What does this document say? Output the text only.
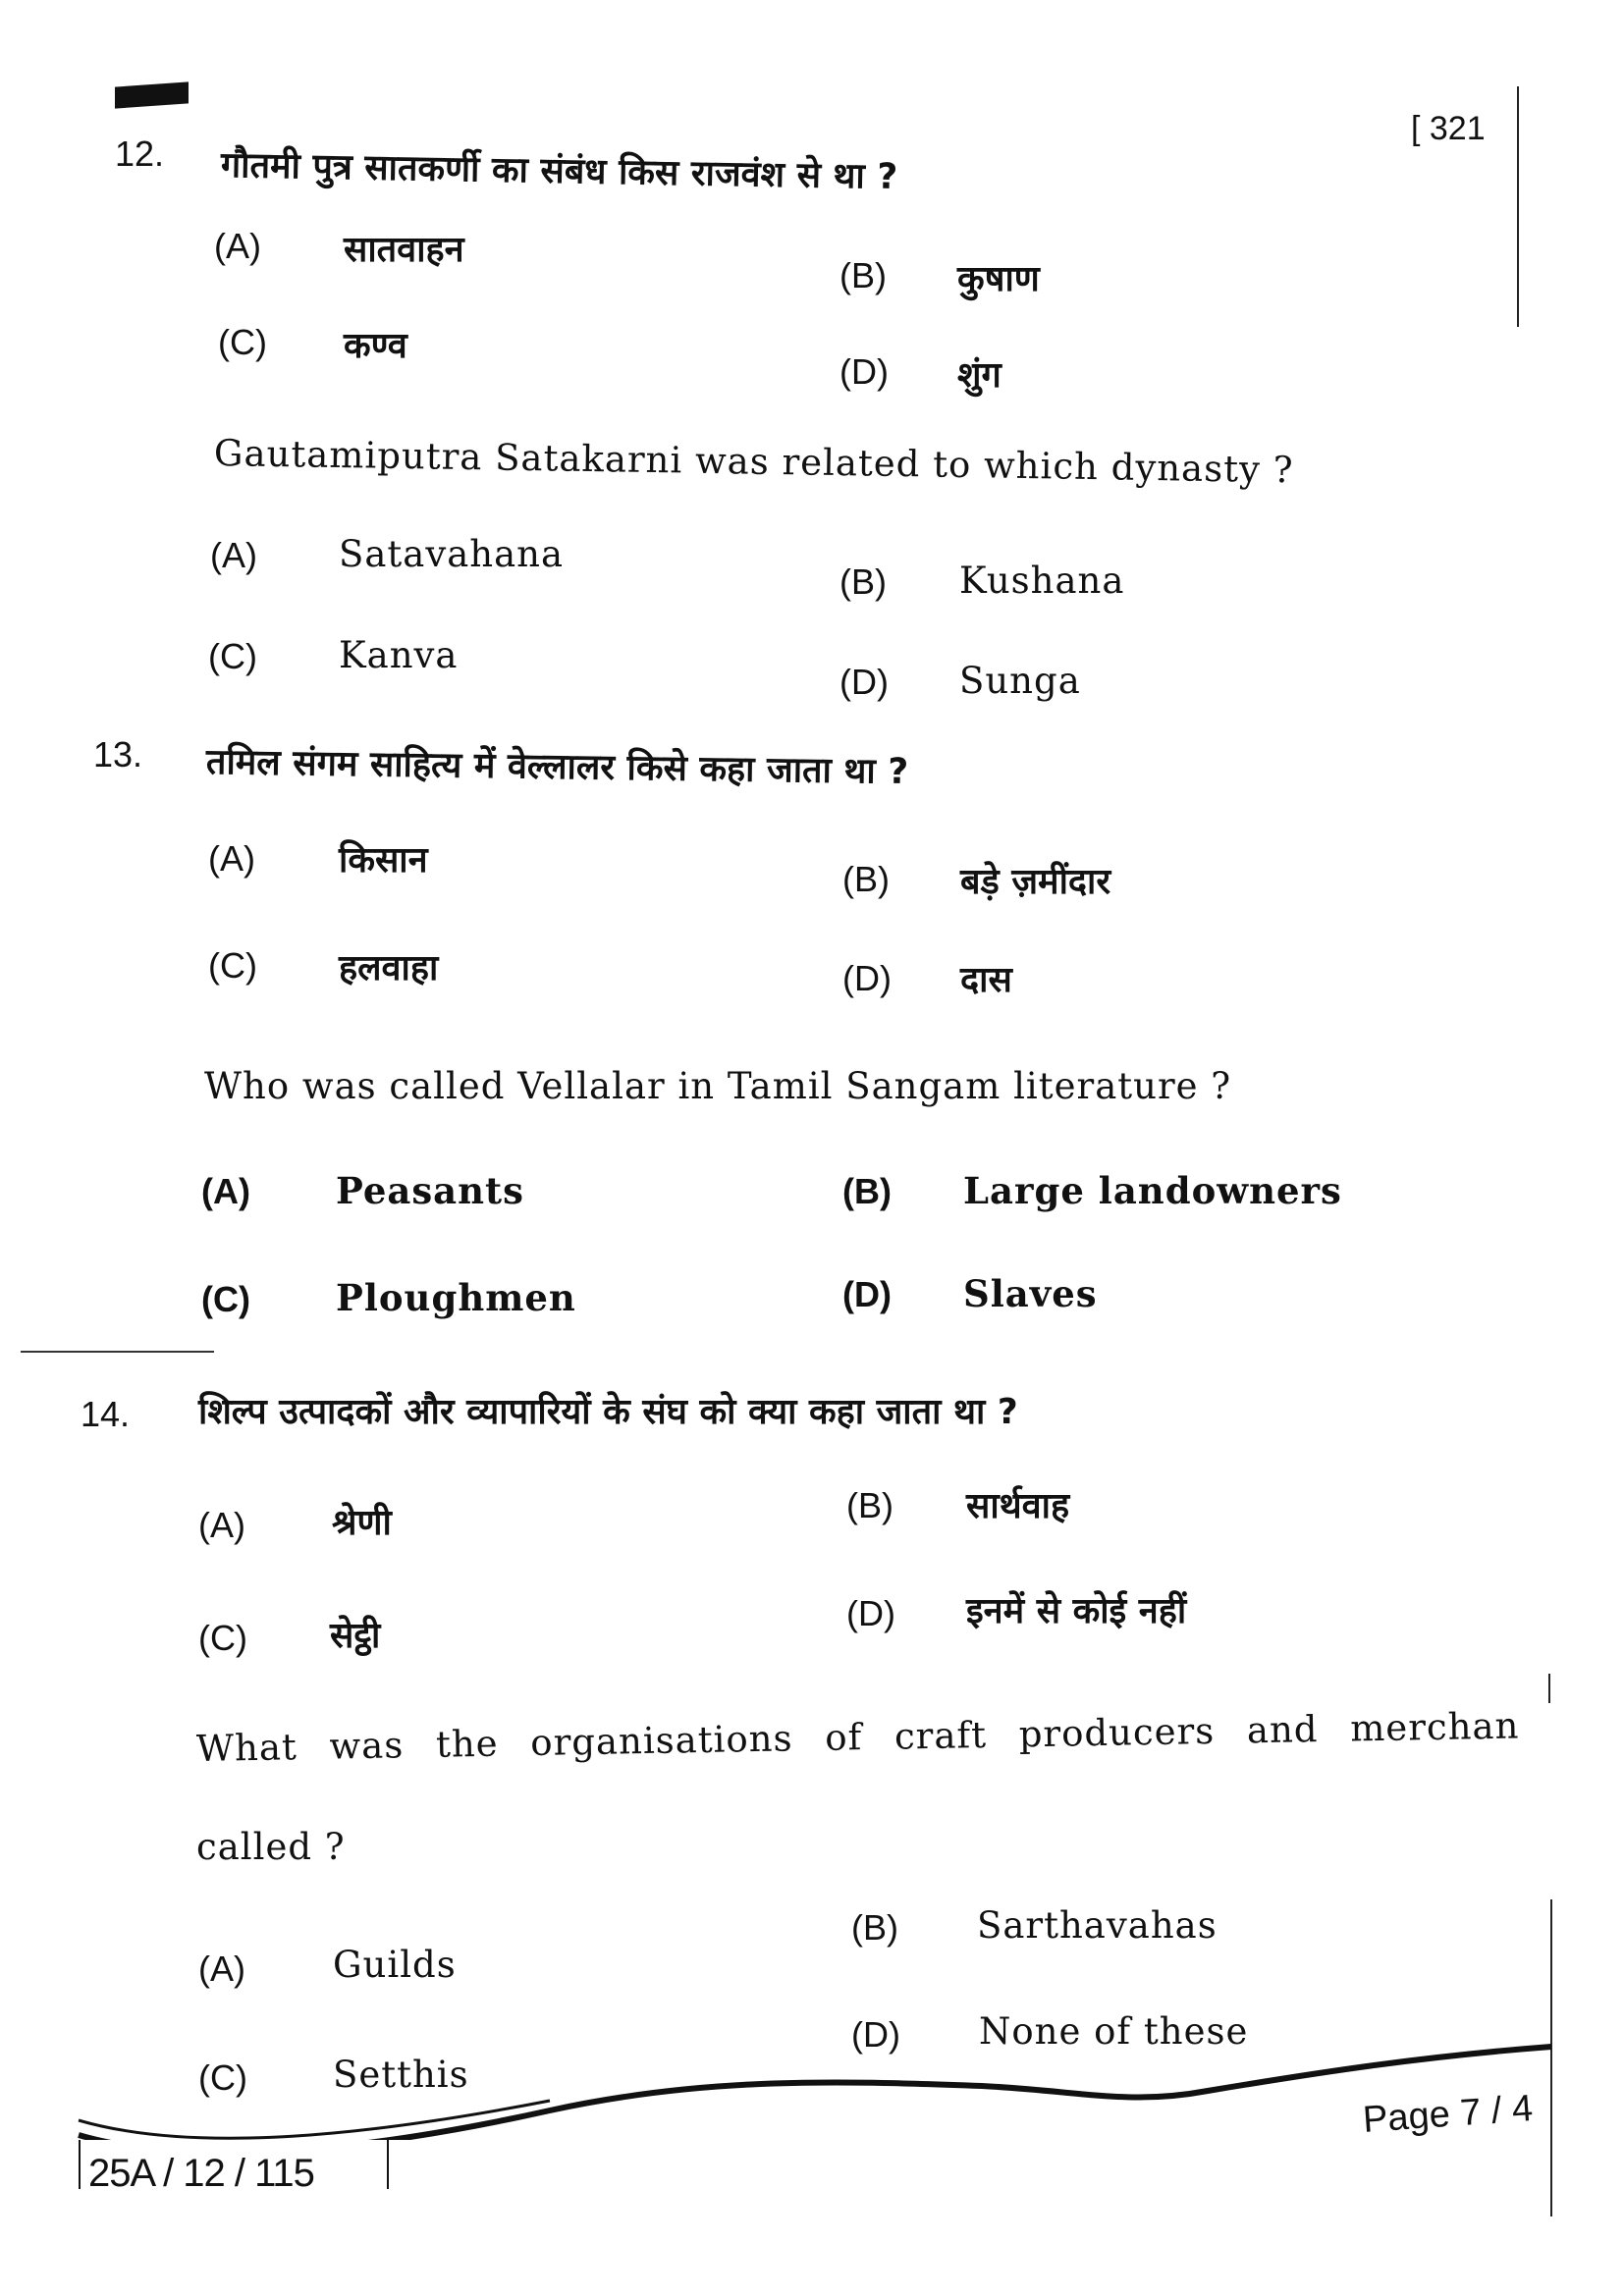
[ 321
12. गौतमी पुत्र सातकर्णी का संबंध किस राजवंश से था ?
(A) सातवाहन
(B) कुषाण
(C) कण्व
(D) शुंग
Gautamiputra Satakarni was related to which dynasty ?
(A) Satavahana
(B) Kushana
(C) Kanva
(D) Sunga
13. तमिल संगम साहित्य में वेल्लालर किसे कहा जाता था ?
(A) किसान	(B) बड़े ज़मींदार
(C) हलवाहा	(D) दास
Who was called Vellalar in Tamil Sangam literature ?
(A) Peasants	(B) Large landowners
(C) Ploughmen	(D) Slaves
14. शिल्प उत्पादकों और व्यापारियों के संघ को क्या कहा जाता था ?
(A) श्रेणी	(B) सार्थवाह
(C) सेट्ठी
(D) इनमें से कोई नहीं
What was the organisations of craft producers and merchan
called ?
(A) Guilds
(B) Sarthavahas
(C) Setthis
(D) None of these
Page 7 / 4
25A / 12 / 115
